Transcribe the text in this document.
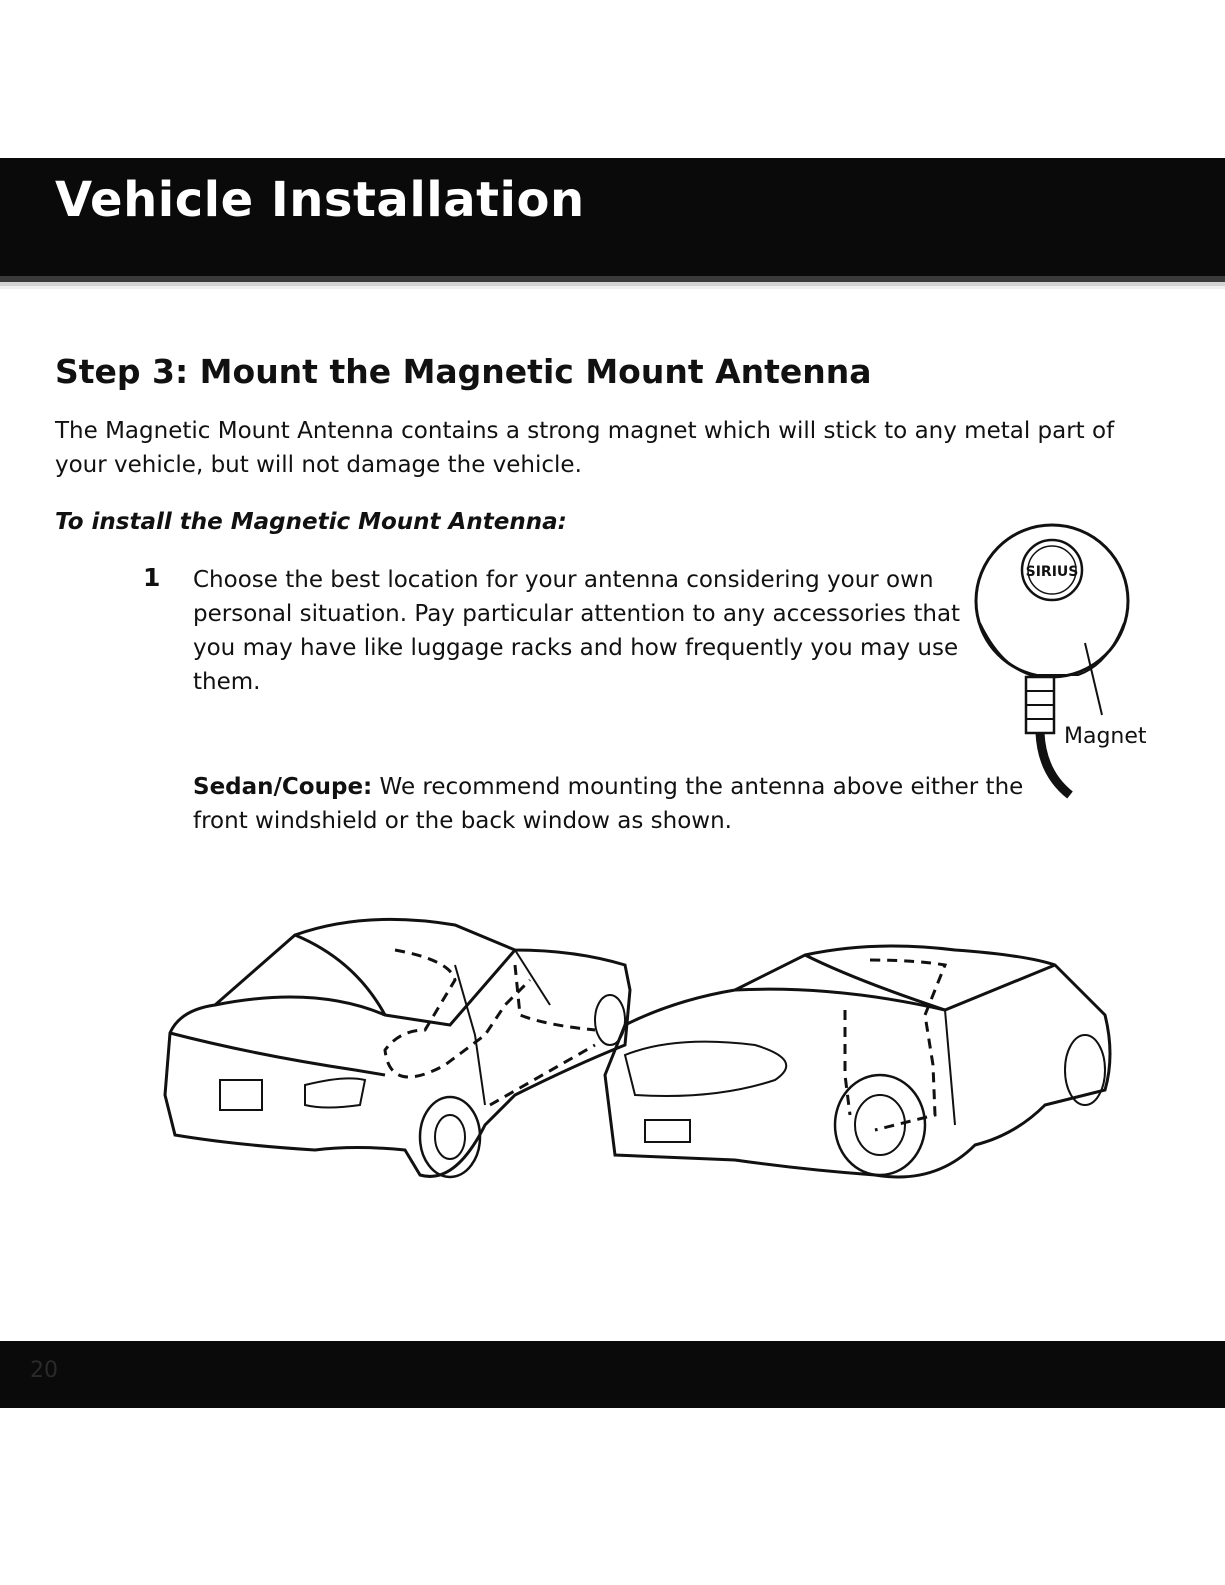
Vehicle Installation
Step 3: Mount the Magnetic Mount Antenna

The Magnetic Mount Antenna contains a strong magnet which will stick to any metal part of your vehicle, but will not damage the vehicle.

To install the Magnetic Mount Antenna:
1 Choose the best location for your antenna considering your own personal situation. Pay particular attention to any accessories that you may have like luggage racks and how frequently you may use them.

Sedan/Coupe: We recommend mounting the antenna above either the front windshield or the back window as shown.

SIRIUS
Magnet
20
